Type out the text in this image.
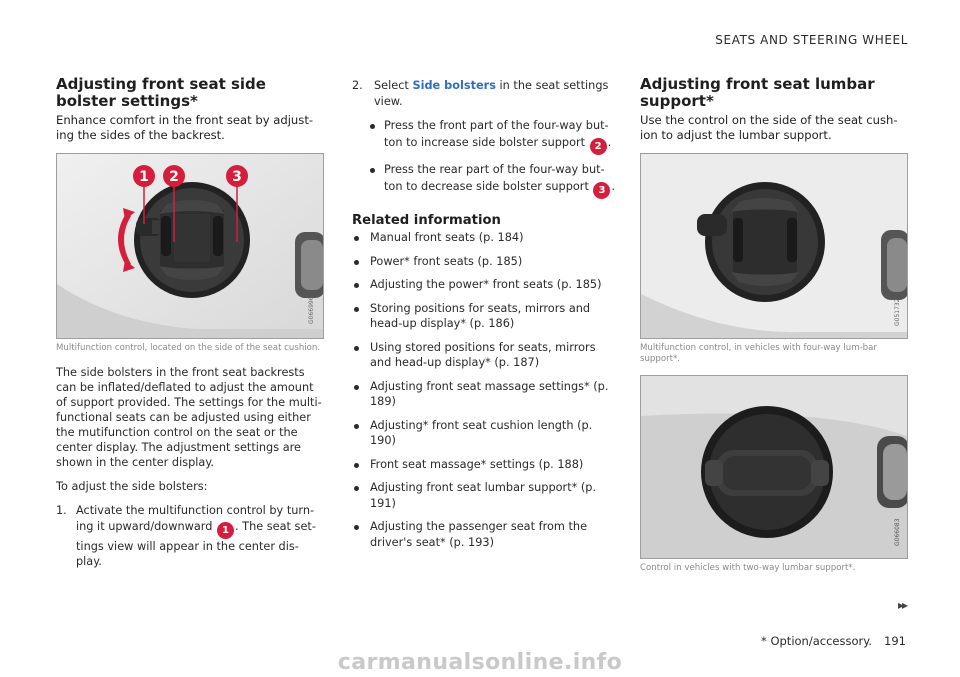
SEATS AND STEERING WHEEL
Adjusting front seat side bolster settings*
Enhance comfort in the front seat by adjust-ing the sides of the backrest.
1 2	3
G066996
Multifunction control, located on the side of the seat cushion.

The side bolsters in the front seat backrests can be inflated/deflated to adjust the amount of support provided. The settings for the multi-functional seats can be adjusted using either the mutifunction control on the seat or the center display. The adjustment settings are shown in the center display.

To adjust the side bolsters:

1. Activate the multifunction control by turn-ing it upward/downward 1 . The seat set-tings view will appear in the center dis-play.
2. Select Side bolsters in the seat settings view.
Press the front part of the four-way but-ton to increase side bolster support 2 .
Press the rear part of the four-way but-ton to decrease side bolster support 3 .
Related information
Manual front seats (p. 184)
Power* front seats (p. 185)
Adjusting the power* front seats (p. 185)
Storing positions for seats, mirrors and head-up display* (p. 186)
Using stored positions for seats, mirrors and head-up display* (p. 187)
Adjusting front seat massage settings* (p. 189)
Adjusting* front seat cushion length (p. 190)
Front seat massage* settings (p. 188)
Adjusting front seat lumbar support* (p. 191)
Adjusting the passenger seat from the driver's seat* (p. 193)
Adjusting front seat lumbar support*
Use the control on the side of the seat cush-ion to adjust the lumbar support.
G051732
Multifunction control, in vehicles with four-way lum-bar support*.
G066083
Control in vehicles with two-way lumbar support*.
▸▸
* Option/accessory. 191
carmanualsonline.info
